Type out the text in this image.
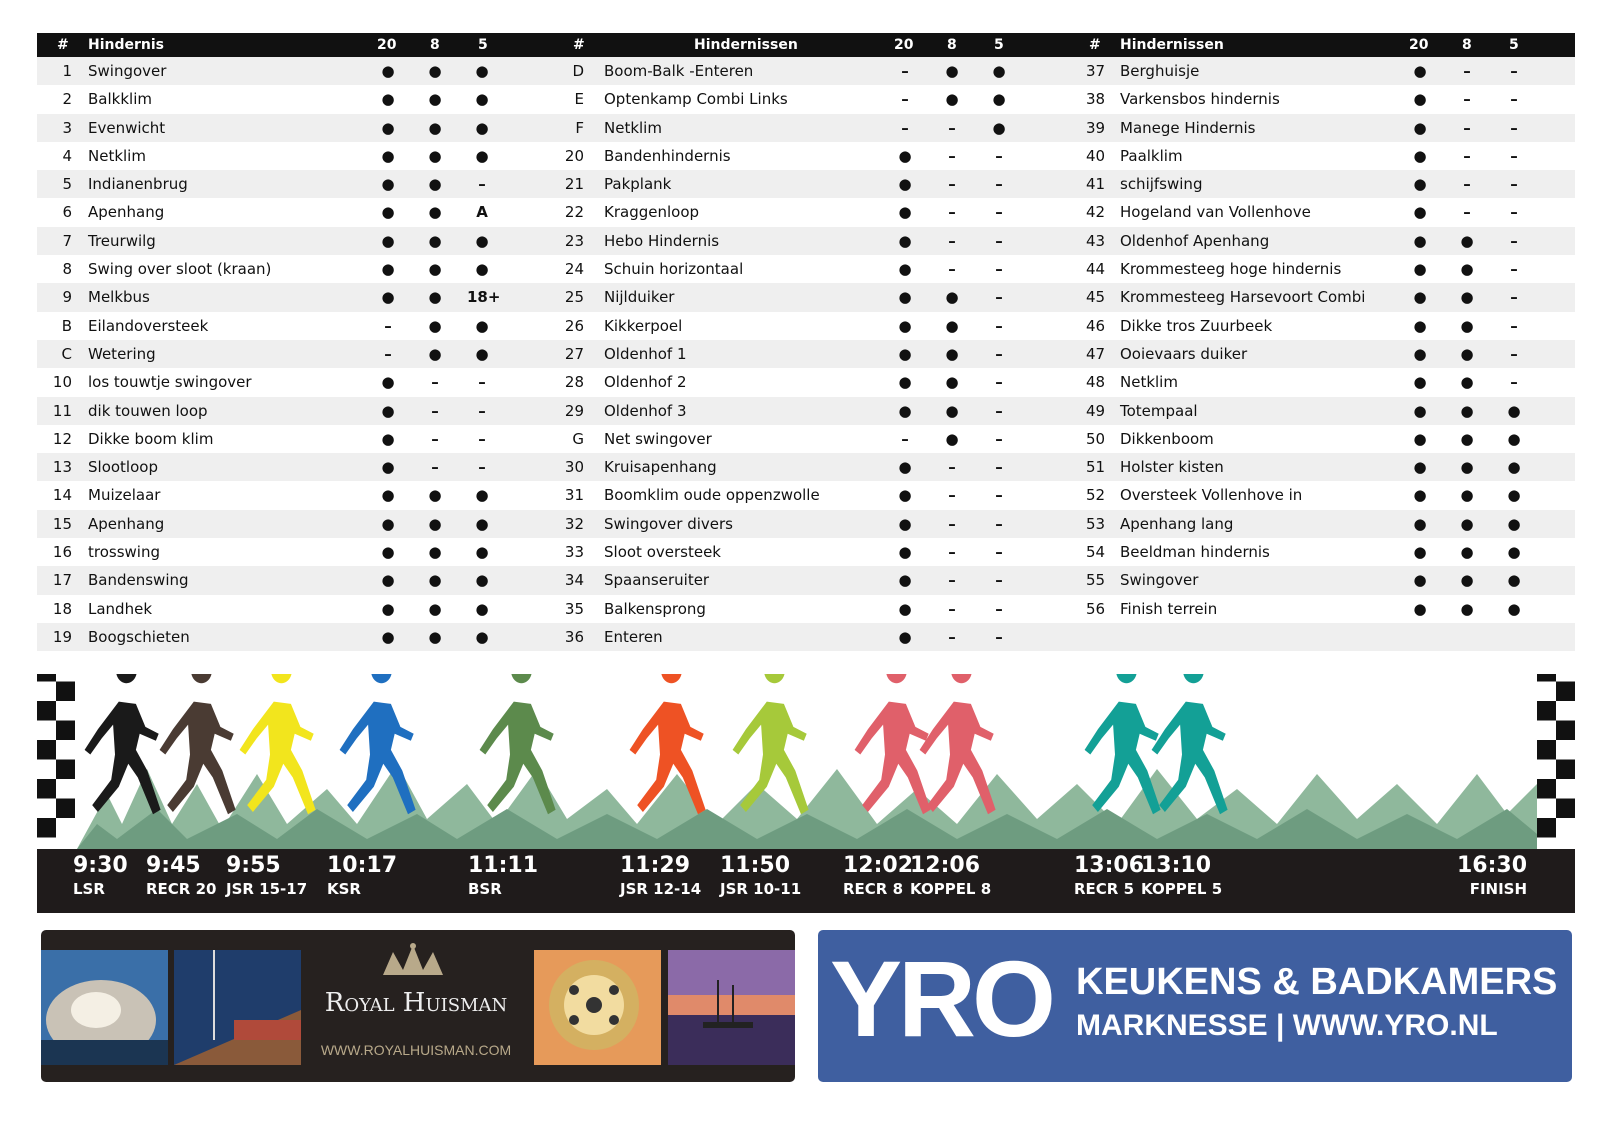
# Hindernis	20 8	5
1 Swingover	●	●	●
2 Balkklim	●	●	●
3 Evenwicht	●	●	●
4 Netklim	●	●	●
5 Indianenbrug	●	●	–
6 Apenhang	●	●	A
7 Treurwilg	●	●	●
8 Swing over sloot (kraan)	●	●	●
9 Melkbus	●	●	18+
B Eilandoversteek	–	●	●
C Wetering	–	●	●
10 los touwtje swingover	●	–	–
11 dik touwen loop	●	–	–
12 Dikke boom klim	●	–	–
13 Slootloop	●	–	–
14 Muizelaar	●	●	●
15 Apenhang	●	●	●
16 trosswing	●	●	●
17 Bandenswing	●	●	●
18 Landhek	●	●	●
19 Boogschieten	●	●	●
#	Hindernissen	20 8	5
D Boom-Balk -Enteren	–	●	●
E Optenkamp Combi Links	–	●	●
F Netklim	–	–	●
20 Bandenhindernis	●	–	–
21 Pakplank	●	–	–
22 Kraggenloop	●	–	–
23 Hebo Hindernis	●	–	–
24 Schuin horizontaal	●	–	–
25 Nijlduiker	●	●	–
26 Kikkerpoel	●	●	–
27 Oldenhof 1	●	●	–
28 Oldenhof 2	●	●	–
29 Oldenhof 3	●	●	–
G Net swingover	–	●	–
30 Kruisapenhang	●	–	–
31 Boomklim oude oppenzwolle	●	–	–
32 Swingover divers	●	–	–
33 Sloot oversteek	●	–	–
34 Spaanseruiter	●	–	–
35 Balkensprong	●	–	–
36 Enteren	●	–	–
# Hindernissen	20 8	5
37 Berghuisje	●	–	–
38 Varkensbos hindernis	●	–	–
39 Manege Hindernis	●	–	–
40 Paalklim	●	–	–
41 schijfswing	●	–	–
42 Hogeland van Vollenhove	●	–	–
43 Oldenhof Apenhang	●	●	–
44 Krommesteeg hoge hindernis	●	●	–
45 Krommesteeg Harsevoort Combi	●	●	–
46 Dikke tros Zuurbeek	●	●	–
47 Ooievaars duiker	●	●	–
48 Netklim	●	●	–
49 Totempaal	●	●	●
50 Dikkenboom	●	●	●
51 Holster kisten	●	●	●
52 Oversteek Vollenhove in	●	●	●
53 Apenhang lang	●	●	●
54 Beeldman hindernis	●	●	●
55 Swingover	●	●	●
56 Finish terrein	●	●	●
9:30
LSR
9:45
RECR 20
9:55
JSR 15-17
10:17
KSR
11:11
BSR
11:29
JSR 12-14
11:50
JSR 10-11
12:02
RECR 8
12:06
KOPPEL 8
13:06
RECR 5
13:10
KOPPEL 5
16:30
FINISH
Royal Huisman
WWW.ROYALHUISMAN.COM	YRO KEUKENS & BADKAMERS
MARKNESSE | WWW.YRO.NL
